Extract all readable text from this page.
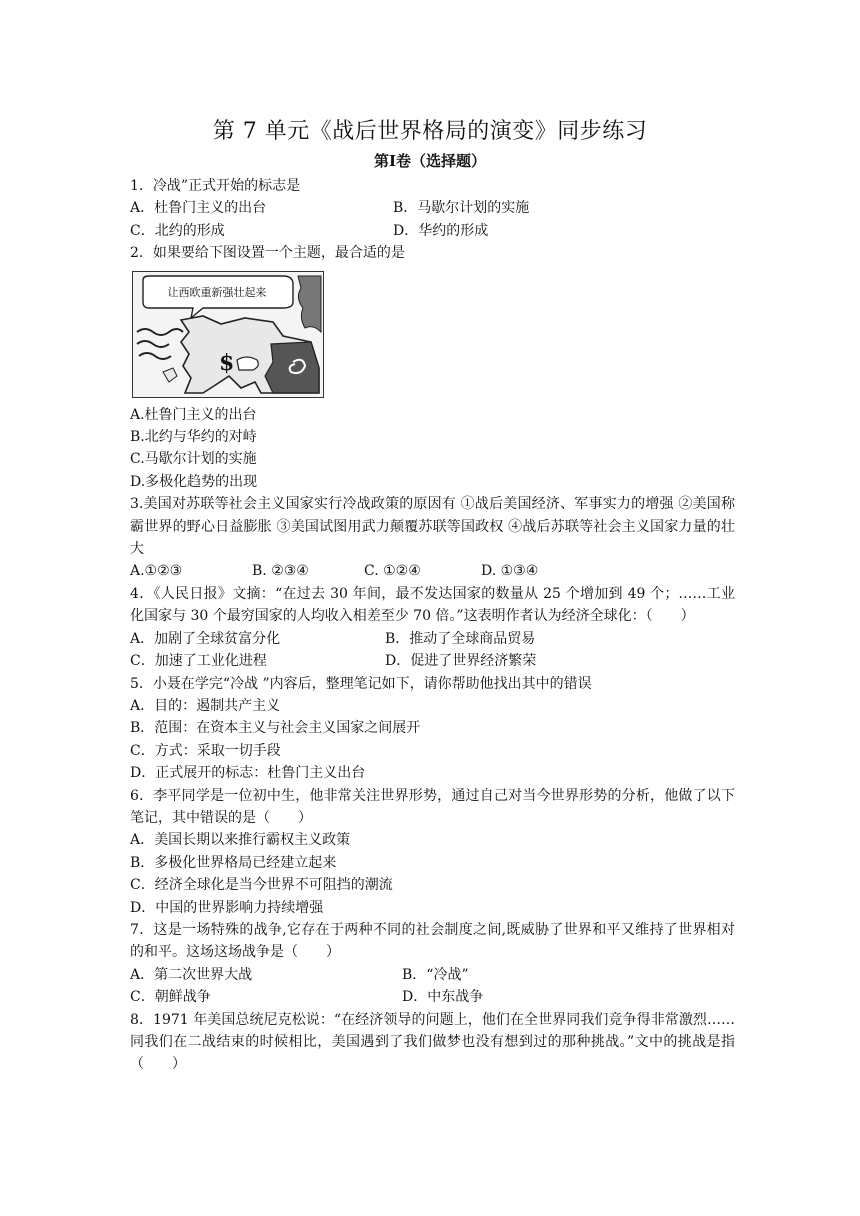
第 7 单元《战后世界格局的演变》同步练习
第Ⅰ卷（选择题）
1．冷战”正式开始的标志是
A．杜鲁门主义的出台	B．马歇尔计划的实施
C．北约的形成	D．华约的形成
2．如果要给下图设置一个主题，最合适的是
让西欧重新强壮起来
$
A.杜鲁门主义的出台
B.北约与华约的对峙
C.马歇尔计划的实施
D.多极化趋势的出现
3.美国对苏联等社会主义国家实行冷战政策的原因有 ①战后美国经济、军事实力的增强 ②美国称霸世界的野心日益膨胀 ③美国试图用武力颠覆苏联等国政权 ④战后苏联等社会主义国家力量的壮大
A.①②③	B. ②③④	C. ①②④	D. ①③④
4．《人民日报》文摘：“在过去 30 年间，最不发达国家的数量从 25 个增加到 49 个；……工业化国家与 30 个最穷国家的人均收入相差至少 70 倍。”这表明作者认为经济全球化：（　　）
A．加剧了全球贫富分化	B．推动了全球商品贸易
C．加速了工业化进程	D．促进了世界经济繁荣
5．小聂在学完“冷战 ”内容后，整理笔记如下，请你帮助他找出其中的错误
A．目的：遏制共产主义
B．范围：在资本主义与社会主义国家之间展开
C．方式：采取一切手段
D．正式展开的标志：杜鲁门主义出台
6．李平同学是一位初中生，他非常关注世界形势，通过自己对当今世界形势的分析，他做了以下笔记，其中错误的是（　　）
A．美国长期以来推行霸权主义政策
B．多极化世界格局已经建立起来
C．经济全球化是当今世界不可阻挡的潮流
D．中国的世界影响力持续增强
7．这是一场特殊的战争,它存在于两种不同的社会制度之间,既威胁了世界和平又维持了世界相对的和平。这场这场战争是（　　）
A．第二次世界大战	B．“冷战”
C．朝鲜战争	D．中东战争
8．1971 年美国总统尼克松说：“在经济领导的问题上，他们在全世界同我们竞争得非常激烈……同我们在二战结束的时候相比，美国遇到了我们做梦也没有想到过的那种挑战。”文中的挑战是指（　　）
